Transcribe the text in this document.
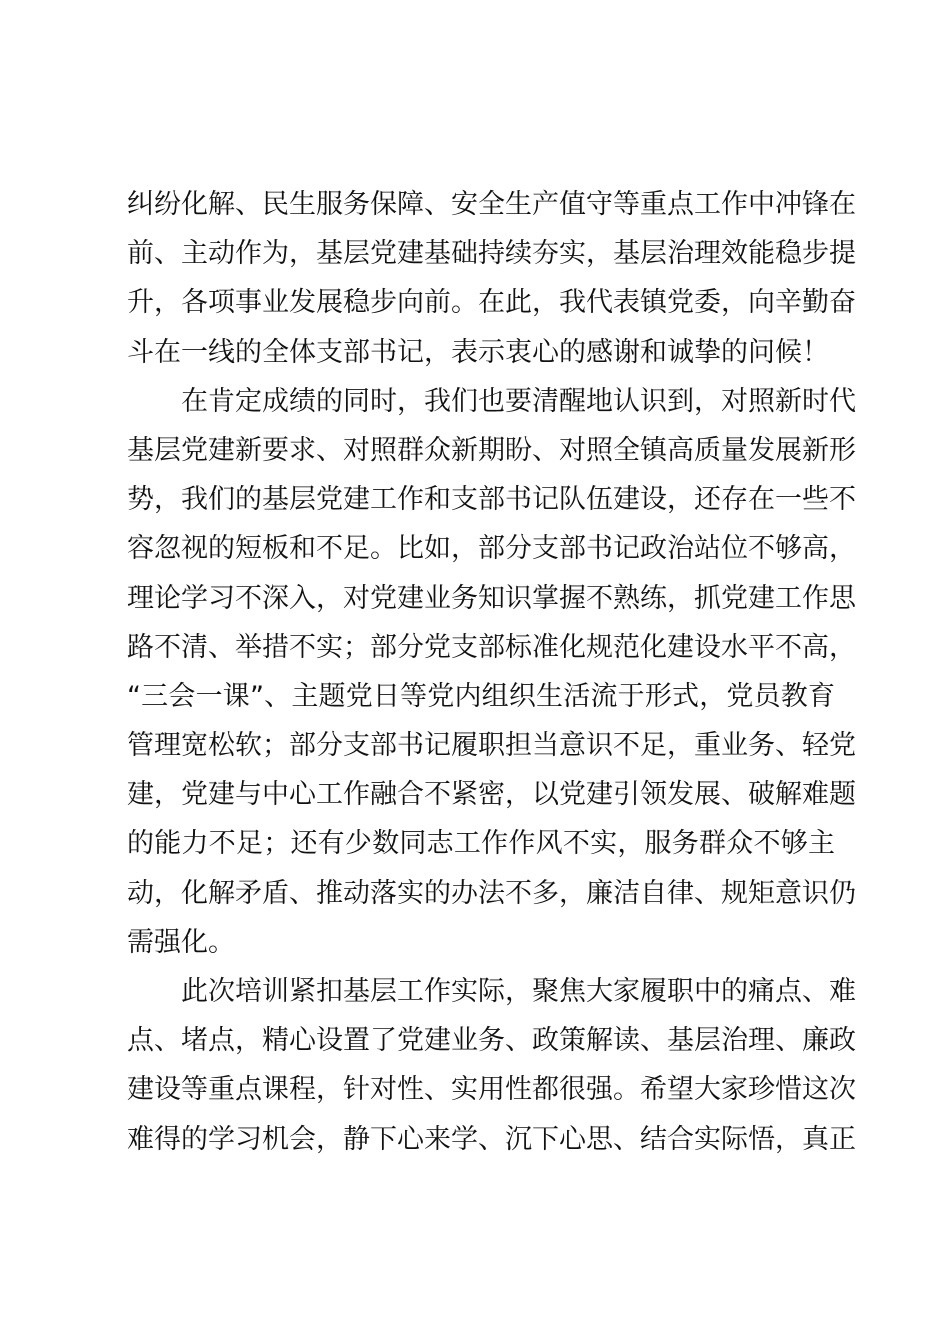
纠纷化解、民生服务保障、安全生产值守等重点工作中冲锋在
前、主动作为，基层党建基础持续夯实，基层治理效能稳步提
升，各项事业发展稳步向前。在此，我代表镇党委，向辛勤奋
斗在一线的全体支部书记，表示衷心的感谢和诚挚的问候！
在肯定成绩的同时，我们也要清醒地认识到，对照新时代
基层党建新要求、对照群众新期盼、对照全镇高质量发展新形
势，我们的基层党建工作和支部书记队伍建设，还存在一些不
容忽视的短板和不足。比如，部分支部书记政治站位不够高，
理论学习不深入，对党建业务知识掌握不熟练，抓党建工作思
路不清、举措不实；部分党支部标准化规范化建设水平不高，
“三会一课”、主题党日等党内组织生活流于形式，党员教育
管理宽松软；部分支部书记履职担当意识不足，重业务、轻党
建，党建与中心工作融合不紧密，以党建引领发展、破解难题
的能力不足；还有少数同志工作作风不实，服务群众不够主
动，化解矛盾、推动落实的办法不多，廉洁自律、规矩意识仍
需强化。
此次培训紧扣基层工作实际，聚焦大家履职中的痛点、难
点、堵点，精心设置了党建业务、政策解读、基层治理、廉政
建设等重点课程，针对性、实用性都很强。希望大家珍惜这次
难得的学习机会，静下心来学、沉下心思、结合实际悟，真正
